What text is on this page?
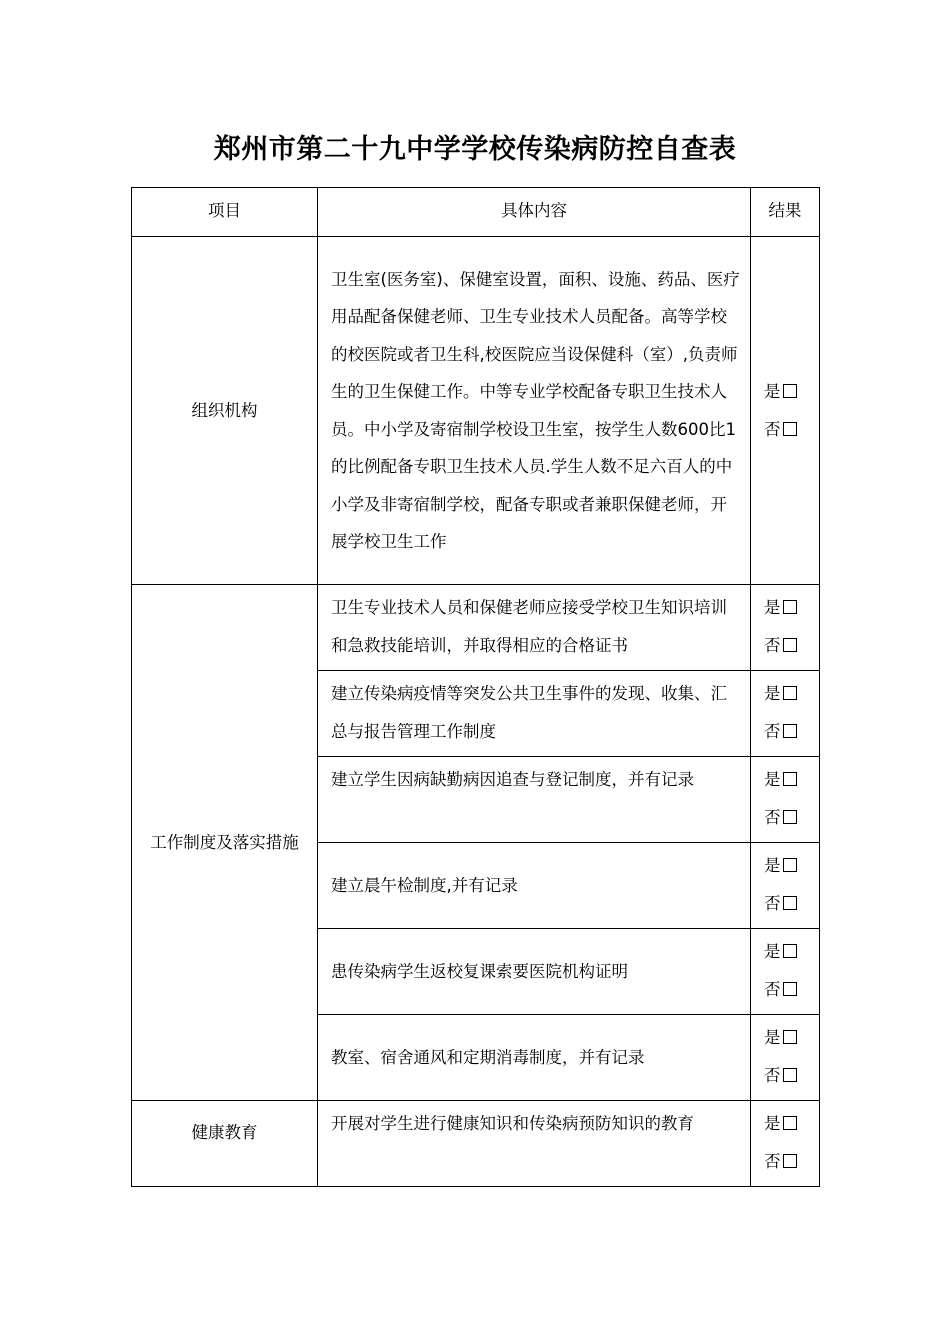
郑州市第二十九中学学校传染病防控自查表
项目	具体内容	结果
组织机构	卫生室(医务室)、保健室设置，面积、设施、药品、医疗用品配备保健老师、卫生专业技术人员配备。高等学校的校医院或者卫生科,校医院应当设保健科（室）,负责师生的卫生保健工作。中等专业学校配备专职卫生技术人员。中小学及寄宿制学校设卫生室，按学生人数600比1的比例配备专职卫生技术人员.学生人数不足六百人的中小学及非寄宿制学校，配备专职或者兼职保健老师，开展学校卫生工作	是
否

工作制度及落实措施	卫生专业技术人员和保健老师应接受学校卫生知识培训和急救技能培训，并取得相应的合格证书	是
否

	建立传染病疫情等突发公共卫生事件的发现、收集、汇总与报告管理工作制度	是
否

	建立学生因病缺勤病因追查与登记制度，并有记录	是
否

	建立晨午检制度,并有记录	是
否

	患传染病学生返校复课索要医院机构证明	是
否

	教室、宿舍通风和定期消毒制度，并有记录	是
否

健康教育	开展对学生进行健康知识和传染病预防知识的教育	是
否
